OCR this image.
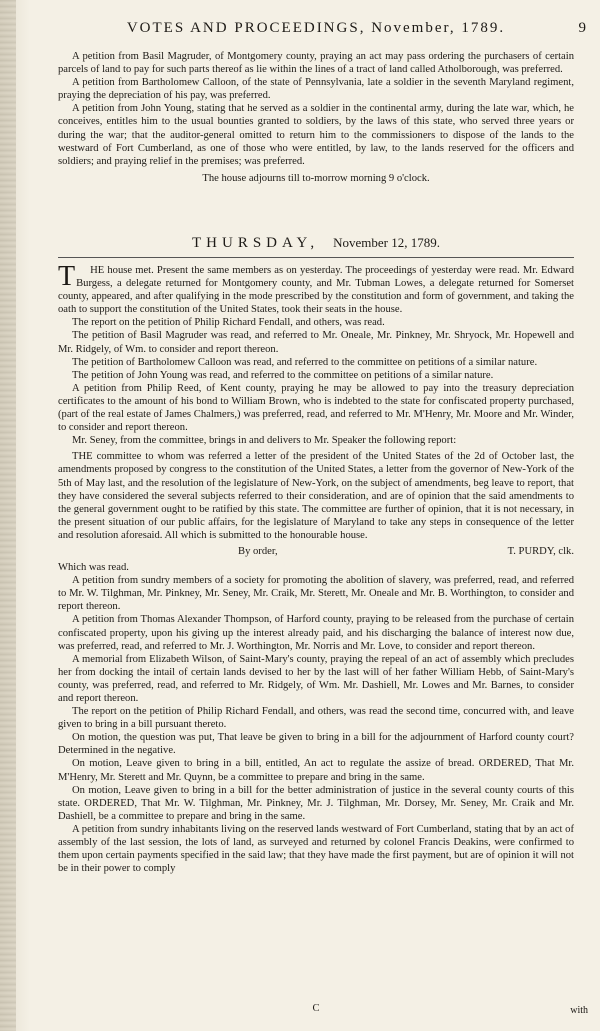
VOTES AND PROCEEDINGS, November, 1789.	9

A petition from Basil Magruder, of Montgomery county, praying an act may pass ordering the purchasers of certain parcels of land to pay for such parts thereof as lie within the lines of a tract of land called Atholborough, was preferred.

A petition from Bartholomew Calloon, of the state of Pennsylvania, late a soldier in the seventh Maryland regiment, praying the depreciation of his pay, was preferred.

A petition from John Young, stating that he served as a soldier in the continental army, during the late war, which, he conceives, entitles him to the usual bounties granted to soldiers, by the laws of this state, who served three years or during the war; that the auditor-general omitted to return him to the commissioners to dispose of the lands to the westward of Fort Cumberland, as one of those who were entitled, by law, to the lands reserved for the officers and soldiers; and praying relief in the premises; was preferred.

The house adjourns till to-morrow morning 9 o'clock.

THURSDAY, November 12, 1789.

T HE house met. Present the same members as on yesterday. The proceedings of yesterday were read. Mr. Edward Burgess, a delegate returned for Montgomery county, and Mr. Tubman Lowes, a delegate returned for Somerset county, appeared, and after qualifying in the mode prescribed by the constitution and form of government, and taking the oath to support the constitution of the United States, took their seats in the house.

The report on the petition of Philip Richard Fendall, and others, was read.

The petition of Basil Magruder was read, and referred to Mr. Oneale, Mr. Pinkney, Mr. Shryock, Mr. Hopewell and Mr. Ridgely, of Wm. to consider and report thereon.

The petition of Bartholomew Calloon was read, and referred to the committee on petitions of a similar nature.

The petition of John Young was read, and referred to the committee on petitions of a similar nature.

A petition from Philip Reed, of Kent county, praying he may be allowed to pay into the treasury depreciation certificates to the amount of his bond to William Brown, who is indebted to the state for confiscated property purchased, (part of the real estate of James Chalmers,) was preferred, read, and referred to Mr. M'Henry, Mr. Moore and Mr. Winder, to consider and report thereon.

Mr. Seney, from the committee, brings in and delivers to Mr. Speaker the following report:

THE committee to whom was referred a letter of the president of the United States of the 2d of October last, the amendments proposed by congress to the constitution of the United States, a letter from the governor of New-York of the 5th of May last, and the resolution of the legislature of New-York, on the subject of amendments, beg leave to report, that they have considered the several subjects referred to their consideration, and are of opinion that the said amendments to the general government ought to be ratified by this state. The committee are further of opinion, that it is not necessary, in the present situation of our public affairs, for the legislature of Maryland to take any steps in consequence of the letter and resolution aforesaid. All which is submitted to the honourable house.

By order,	T. PURDY, clk.

Which was read.

A petition from sundry members of a society for promoting the abolition of slavery, was preferred, read, and referred to Mr. W. Tilghman, Mr. Pinkney, Mr. Seney, Mr. Craik, Mr. Sterett, Mr. Oneale and Mr. B. Worthington, to consider and report thereon.

A petition from Thomas Alexander Thompson, of Harford county, praying to be released from the purchase of certain confiscated property, upon his giving up the interest already paid, and his discharging the balance of interest now due, was preferred, read, and referred to Mr. J. Worthington, Mr. Norris and Mr. Love, to consider and report thereon.

A memorial from Elizabeth Wilson, of Saint-Mary's county, praying the repeal of an act of assembly which precludes her from docking the intail of certain lands devised to her by the last will of her father William Hebb, of Saint-Mary's county, was preferred, read, and referred to Mr. Ridgely, of Wm. Mr. Dashiell, Mr. Lowes and Mr. Barnes, to consider and report thereon.

The report on the petition of Philip Richard Fendall, and others, was read the second time, concurred with, and leave given to bring in a bill pursuant thereto.

On motion, the question was put, That leave be given to bring in a bill for the adjournment of Harford county court? Determined in the negative.

On motion, Leave given to bring in a bill, entitled, An act to regulate the assize of bread. ORDERED, That Mr. M'Henry, Mr. Sterett and Mr. Quynn, be a committee to prepare and bring in the same.

On motion, Leave given to bring in a bill for the better administration of justice in the several county courts of this state. ORDERED, That Mr. W. Tilghman, Mr. Pinkney, Mr. J. Tilghman, Mr. Dorsey, Mr. Seney, Mr. Craik and Mr. Dashiell, be a committee to prepare and bring in the same.

A petition from sundry inhabitants living on the reserved lands westward of Fort Cumberland, stating that by an act of assembly of the last session, the lots of land, as surveyed and returned by colonel Francis Deakins, were confirmed to them upon certain payments specified in the said law; that they have made the first payment, but are of opinion it will not be in their power to comply

C	with
